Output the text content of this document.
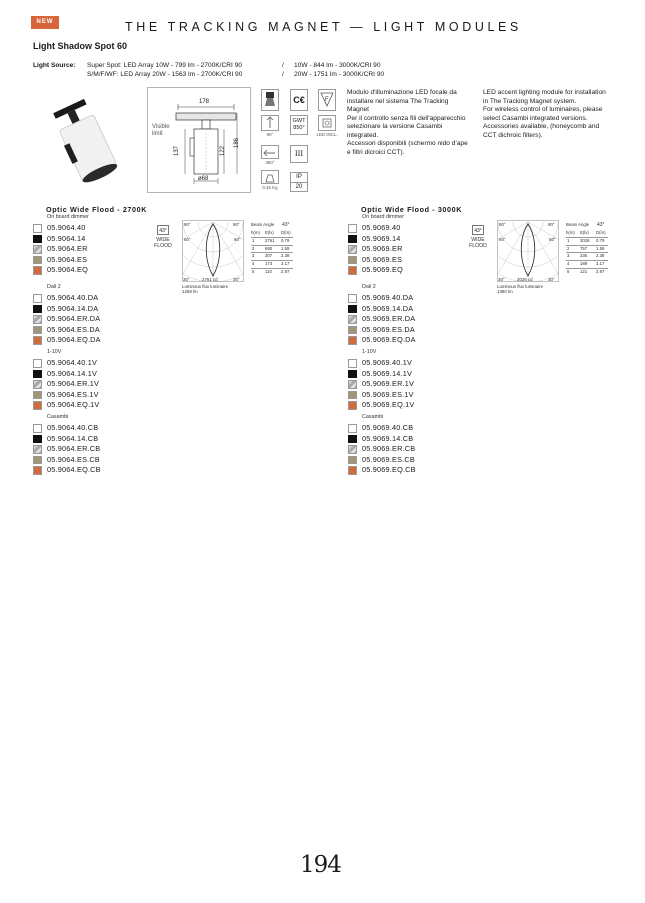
NEW	THE TRACKING MAGNET — LIGHT MODULES
Light Shadow Spot 60
Light Source: Super Spot: LED Array 10W - 799 lm - 2700K/CRI 90	/ 10W - 844 lm - 3000K/CRI 90
S/M/F/WF: LED Array 20W - 1563 lm - 2700K/CRI 90	/ 20W - 1751 lm - 3000K/CRI 90
178
137	122
186
ø68
Visible
limit
C€	F
90°
GWT
850°
LED INCL.
360°
III
0,45 Kg
IP
20
Modulo d'illuminazione LED focale da installare nel sistema The Tracking Magnet
Per il controllo senza fili dell'apparecchio selezionare la versione Casambi integrated.
Accessori disponibili (schermo nido d'ape e filtri dicroici CCT).
LED accent lighting module for installation in The Tracking Magnet system.
For wireless control of luminaires, please select Casambi integrated versions.
Accessories available, (honeycomb and CCT dichroic filters).
Optic Wide Flood - 2700K
On board dimmer
05.9064.40
05.9064.14
05.9064.ER
05.9064.ES
05.9064.EQ
Dali 2
05.9064.40.DA
05.9064.14.DA
05.9064.ER.DA
05.9064.ES.DA
05.9064.EQ.DA
1-10V
05.9064.40.1V
05.9064.14.1V
05.9064.ER.1V
05.9064.ES.1V
05.9064.EQ.1V
Casambi
05.9064.40.CB
05.9064.14.CB
05.9064.ER.CB
05.9064.ES.CB
05.9064.EQ.CB
43°
WIDE
FLOOD
90°	90°
60°	60°
30°	2761 cd	30°
Luminous flux luminaire
1268 lm
Beam Angle 43°
h(m) E(lx) D(m)
1 2761 0.79
2 690 1.59
3 307 2.38
4 173 3.17
5 110 2.97
Optic Wide Flood - 3000K
On board dimmer
05.9069.40
05.9069.14
05.9069.ER
05.9069.ES
05.9069.EQ
Dali 2
05.9069.40.DA
05.9069.14.DA
05.9069.ER.DA
05.9069.ES.DA
05.9069.EQ.DA
1-10V
05.9069.40.1V
05.9069.14.1V
05.9069.ER.1V
05.9069.ES.1V
05.9069.EQ.1V
Casambi
05.9069.40.CB
05.9069.14.CB
05.9069.ER.CB
05.9069.ES.CB
05.9069.EQ.CB
43°
WIDE
FLOOD
90°	90°
60°	60°
30°	3026 cd	30°
Luminous flux luminaire
1390 lm
Beam Angle 43°
h(m) E(lx) D(m)
1 3026 0.79
2 757 1.59
3 336 2.38
4 189 3.17
5 121 2.97
194
